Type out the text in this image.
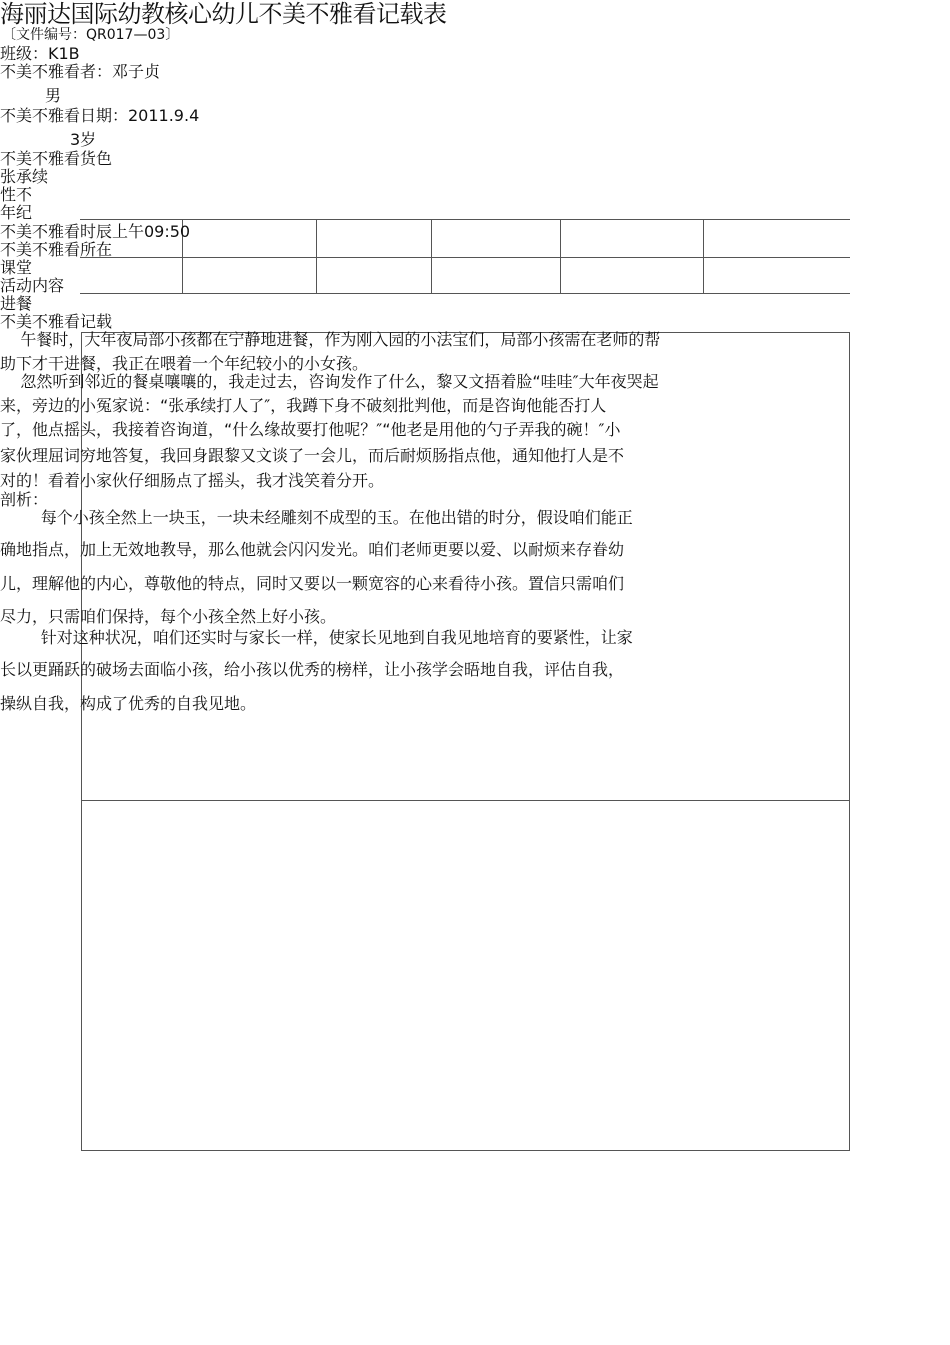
海丽达国际幼教核心幼儿不美不雅看记载表
〔文件编号：QR017—03〕
班级：K1B
不美不雅看者：邓子贞
男
不美不雅看日期：2011.9.4
3岁
不美不雅看货色
张承续
性不
年纪
不美不雅看时辰上午09:50
不美不雅看所在
课堂
活动内容
进餐
不美不雅看记载
午餐时，大年夜局部小孩都在宁静地进餐，作为刚入园的小法宝们，局部小孩需在老师的帮
助下才干进餐，我正在喂着一个年纪较小的小女孩。
忽然听到邻近的餐桌嚷嚷的，我走过去，咨询发作了什么，黎又文捂着脸“哇哇″大年夜哭起
来，旁边的小冤家说：“张承续打人了″，我蹲下身不破刻批判他，而是咨询他能否打人
了，他点摇头，我接着咨询道，“什么缘故要打他呢？″“他老是用他的勺子弄我的碗！″小
家伙理屈词穷地答复，我回身跟黎又文谈了一会儿，而后耐烦肠指点他，通知他打人是不
对的！看着小家伙仔细肠点了摇头，我才浅笑着分开。
剖析：
每个小孩全然上一块玉，一块未经雕刻不成型的玉。在他出错的时分，假设咱们能正
确地指点，加上无效地教导，那么他就会闪闪发光。咱们老师更要以爱、以耐烦来存眷幼
儿，理解他的内心，尊敬他的特点，同时又要以一颗宽容的心来看待小孩。置信只需咱们
尽力，只需咱们保持，每个小孩全然上好小孩。
针对这种状况，咱们还实时与家长一样，使家长见地到自我见地培育的要紧性，让家
长以更踊跃的破场去面临小孩，给小孩以优秀的榜样，让小孩学会晤地自我，评估自我，
操纵自我，构成了优秀的自我见地。
